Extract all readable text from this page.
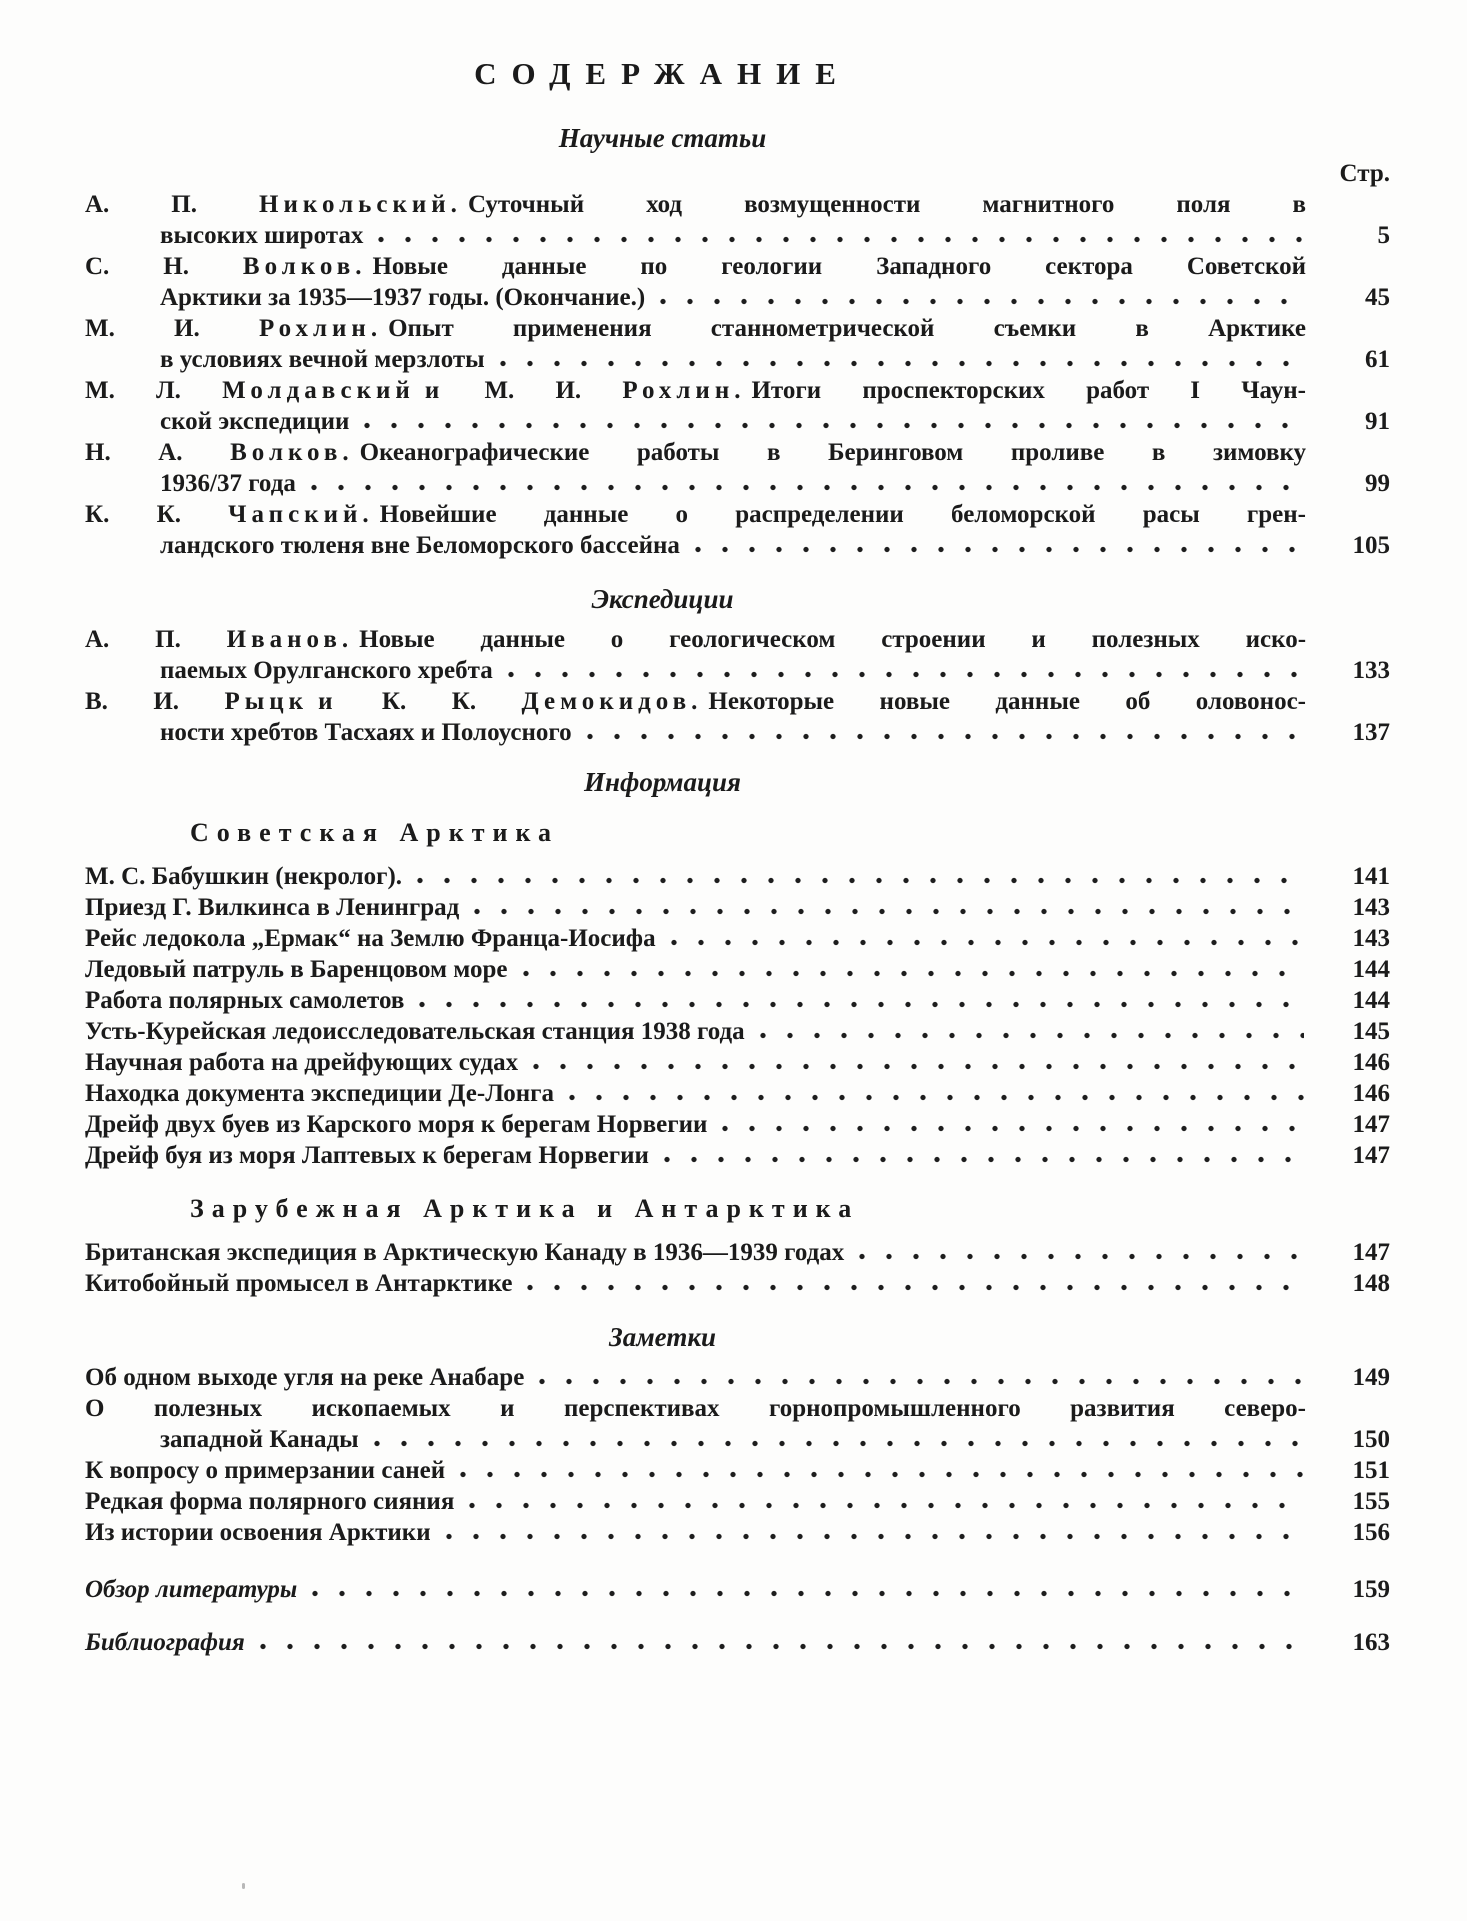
СОДЕРЖАНИЕ
Научные статьи
Стр.
А. П. Никольский. Суточный ход возмущенности магнитного поля в
высоких широтах	5
С. Н. Волков. Новые данные по геологии Западного сектора Советской
Арктики за 1935—1937 годы. (Окончание.)	45
М. И. Рохлин. Опыт применения станнометрической съемки в Арктике
в условиях вечной мерзлоты	61
М. Л. Молдавский и М. И. Рохлин. Итоги проспекторских работ I Чаун-
ской экспедиции	91
Н. А. Волков. Океанографические работы в Беринговом проливе в зимовку
1936/37 года	99
К. К. Чапский. Новейшие данные о распределении беломорской расы грен-
ландского тюленя вне Беломорского бассейна	105
Экспедиции
А. П. Иванов. Новые данные о геологическом строении и полезных иско-
паемых Орулганского хребта	133
В. И. Рыцк и К. К. Демокидов. Некоторые новые данные об оловонос-
ности хребтов Тасхаях и Полоусного	137
Информация
Советская Арктика
М. С. Бабушкин (некролог).	141
Приезд Г. Вилкинса в Ленинград	143
Рейс ледокола „Ермак“ на Землю Франца-Иосифа	143
Ледовый патруль в Баренцовом море	144
Работа полярных самолетов	144
Усть-Курейская ледоисследовательская станция 1938 года	145
Научная работа на дрейфующих судах	146
Находка документа экспедиции Де-Лонга	146
Дрейф двух буев из Карского моря к берегам Норвегии	147
Дрейф буя из моря Лаптевых к берегам Норвегии	147
Зарубежная Арктика и Антарктика
Британская экспедиция в Арктическую Канаду в 1936—1939 годах	147
Китобойный промысел в Антарктике	148
Заметки
Об одном выходе угля на реке Анабаре	149
О полезных ископаемых и перспективах горнопромышленного развития северо-
западной Канады	150
К вопросу о примерзании саней	151
Редкая форма полярного сияния	155
Из истории освоения Арктики	156
Обзор литературы	159
Библиография	163
